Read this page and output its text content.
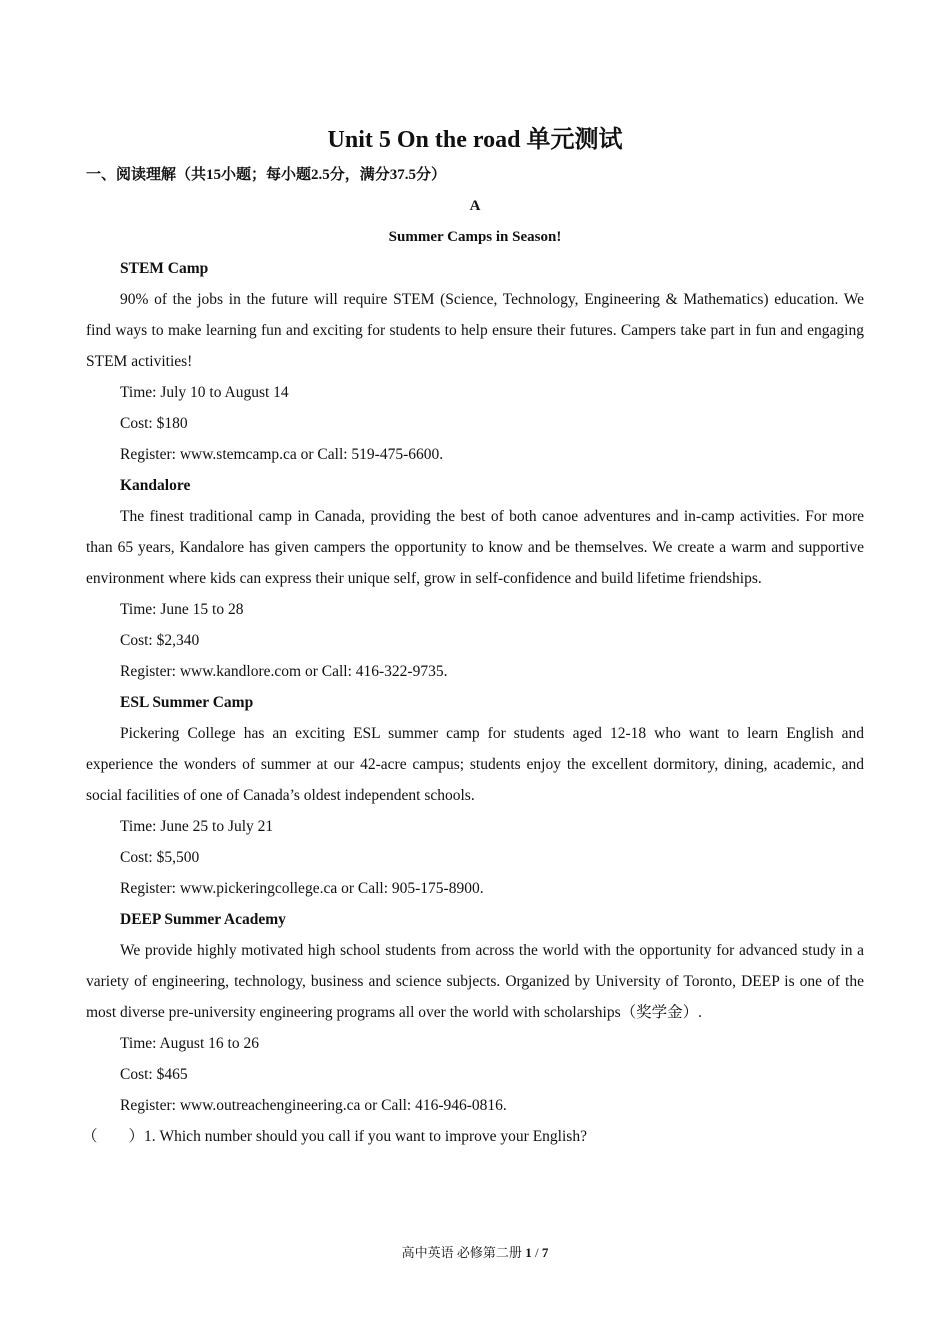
Unit 5 On the road 单元测试

一、阅读理解（共15小题；每小题2.5分，满分37.5分）

A

Summer Camps in Season!

STEM Camp

90% of the jobs in the future will require STEM (Science, Technology, Engineering & Mathematics) education. We find ways to make learning fun and exciting for students to help ensure their futures. Campers take part in fun and engaging STEM activities!

Time: July 10 to August 14

Cost: $180

Register: www.stemcamp.ca or Call: 519-475-6600.

Kandalore

The finest traditional camp in Canada, providing the best of both canoe adventures and in-camp activities. For more than 65 years, Kandalore has given campers the opportunity to know and be themselves. We create a warm and supportive environment where kids can express their unique self, grow in self-confidence and build lifetime friendships.

Time: June 15 to 28

Cost: $2,340

Register: www.kandlore.com or Call: 416-322-9735.

ESL Summer Camp

Pickering College has an exciting ESL summer camp for students aged 12-18 who want to learn English and experience the wonders of summer at our 42-acre campus; students enjoy the excellent dormitory, dining, academic, and social facilities of one of Canada’s oldest independent schools.

Time: June 25 to July 21

Cost: $5,500

Register: www.pickeringcollege.ca or Call: 905-175-8900.

DEEP Summer Academy

We provide highly motivated high school students from across the world with the opportunity for advanced study in a variety of engineering, technology, business and science subjects. Organized by University of Toronto, DEEP is one of the most diverse pre-university engineering programs all over the world with scholarships（奖学金）.

Time: August 16 to 26

Cost: $465

Register: www.outreachengineering.ca or Call: 416-946-0816.

（　　）1. Which number should you call if you want to improve your English?

高中英语 必修第二册 1 / 7
